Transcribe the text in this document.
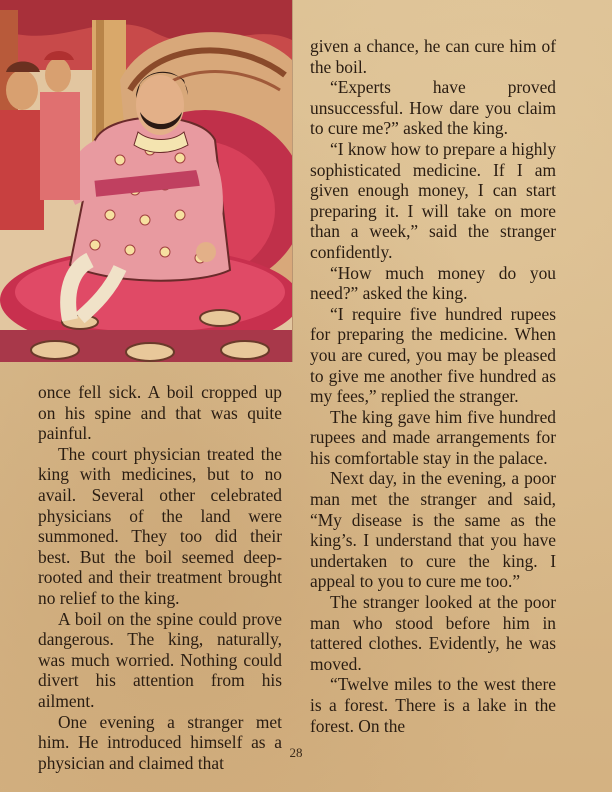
once fell sick. A boil cropped up on his spine and that was quite painful.

The court physician treated the king with medicines, but to no avail. Several other celebrated physicians of the land were summoned. They too did their best. But the boil seemed deep-rooted and their treatment brought no relief to the king.

A boil on the spine could prove dangerous. The king, naturally, was much worried. Nothing could divert his attention from his ailment.

One evening a stranger met him. He introduced himself as a physician and claimed that

given a chance, he can cure him of the boil.

“Experts have proved unsuccessful. How dare you claim to cure me?” asked the king.

“I know how to prepare a highly sophisticated medicine. If I am given enough money, I can start preparing it. I will take on more than a week,” said the stranger confidently.

“How much money do you need?” asked the king.

“I require five hundred rupees for preparing the medicine. When you are cured, you may be pleased to give me another five hundred as my fees,” replied the stranger.

The king gave him five hundred rupees and made arrangements for his comfortable stay in the palace.

Next day, in the evening, a poor man met the stranger and said, “My disease is the same as the king’s. I understand that you have undertaken to cure the king. I appeal to you to cure me too.”

The stranger looked at the poor man who stood before him in tattered clothes. Evidently, he was moved.

“Twelve miles to the west there is a forest. There is a lake in the forest. On the

28
